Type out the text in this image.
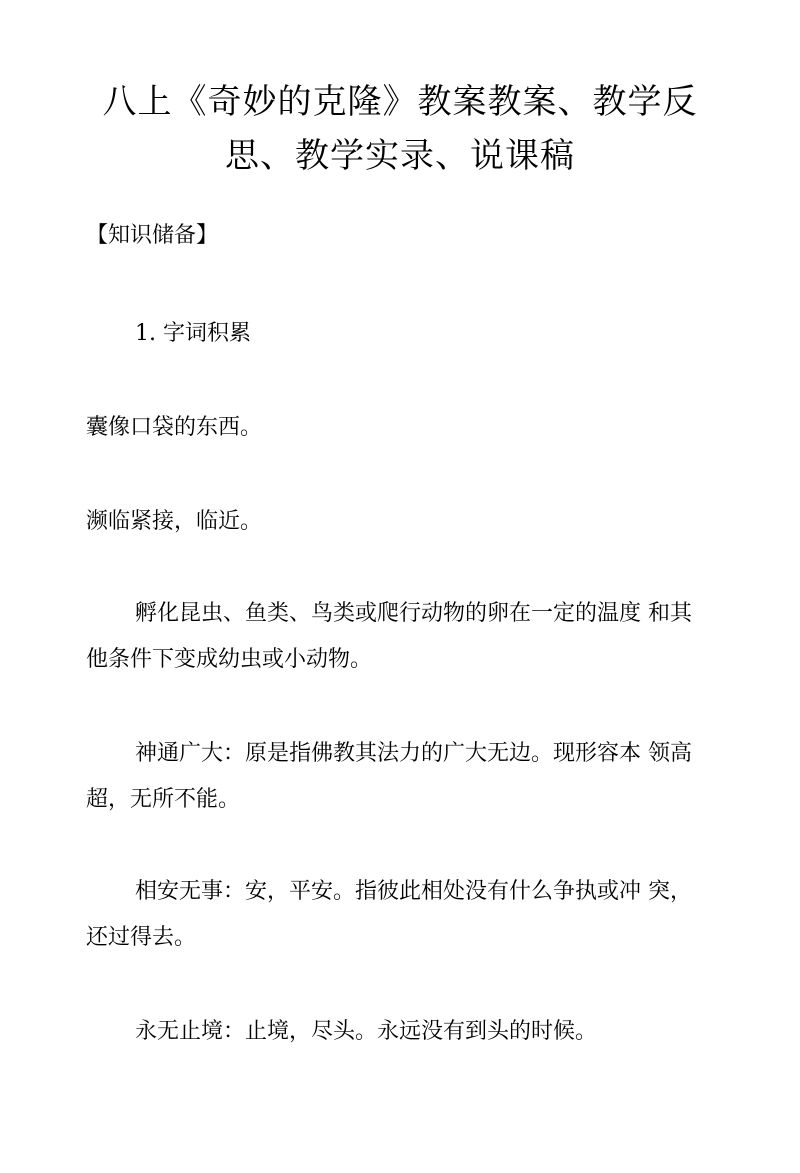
八上《奇妙的克隆》教案教案、教学反
思、教学实录、说课稿

【知识储备】

1. 字词积累

囊像口袋的东西。

濒临紧接，临近。

孵化昆虫、鱼类、鸟类或爬行动物的卵在一定的温度 和其

他条件下变成幼虫或小动物。

神通广大：原是指佛教其法力的广大无边。现形容本 领高

超，无所不能。

相安无事：安，平安。指彼此相处没有什么争执或冲 突，

还过得去。

永无止境：止境，尽头。永远没有到头的时候。
